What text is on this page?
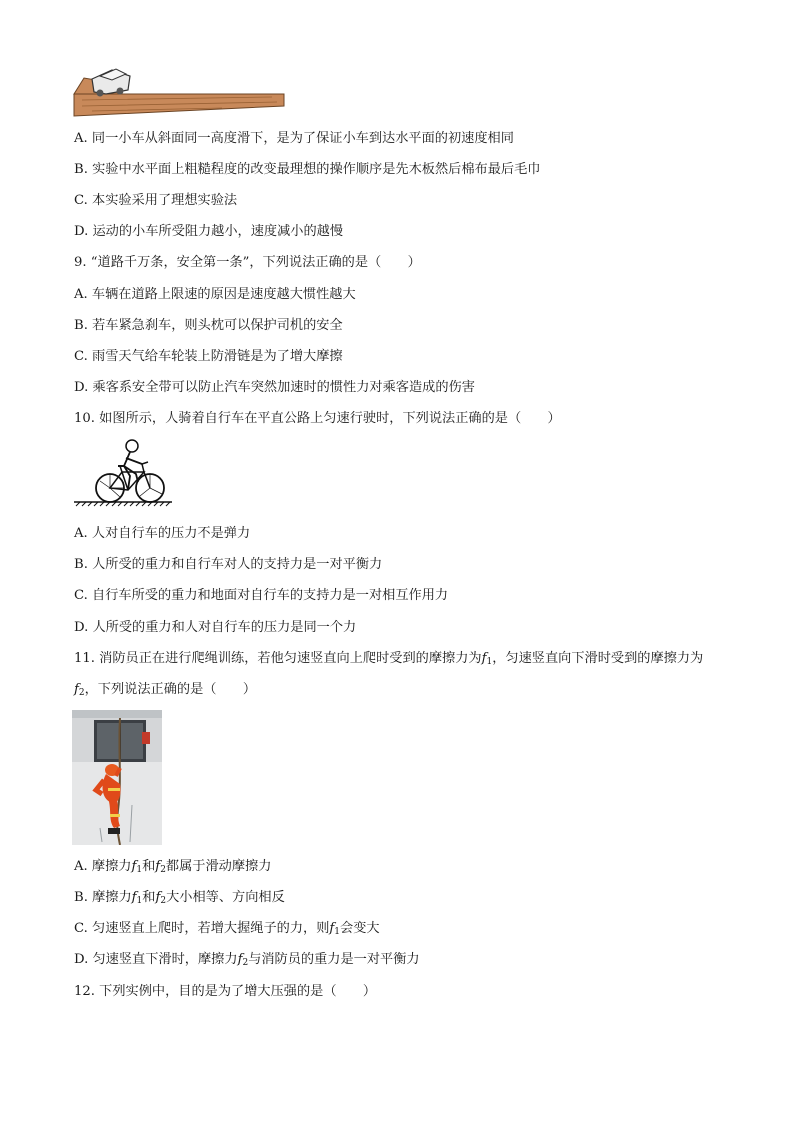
A. 同一小车从斜面同一高度滑下，是为了保证小车到达水平面的初速度相同
B. 实验中水平面上粗糙程度的改变最理想的操作顺序是先木板然后棉布最后毛巾
C. 本实验采用了理想实验法
D. 运动的小车所受阻力越小，速度减小的越慢
9. “道路千万条，安全第一条”，下列说法正确的是（　　）
A. 车辆在道路上限速的原因是速度越大惯性越大
B. 若车紧急刹车，则头枕可以保护司机的安全
C. 雨雪天气给车轮装上防滑链是为了增大摩擦
D. 乘客系安全带可以防止汽车突然加速时的惯性力对乘客造成的伤害
10. 如图所示，人骑着自行车在平直公路上匀速行驶时，下列说法正确的是（　　）
A. 人对自行车的压力不是弹力
B. 人所受的重力和自行车对人的支持力是一对平衡力
C. 自行车所受的重力和地面对自行车的支持力是一对相互作用力
D. 人所受的重力和人对自行车的压力是同一个力
11. 消防员正在进行爬绳训练，若他匀速竖直向上爬时受到的摩擦力为$f_1$，匀速竖直向下滑时受到的摩擦力为
$f_2$，下列说法正确的是（　　）
A. 摩擦力$f_1$和$f_2$都属于滑动摩擦力
B. 摩擦力$f_1$和$f_2$大小相等、方向相反
C. 匀速竖直上爬时，若增大握绳子的力，则$f_1$会变大
D. 匀速竖直下滑时，摩擦力$f_2$与消防员的重力是一对平衡力
12. 下列实例中，目的是为了增大压强的是（　　）
